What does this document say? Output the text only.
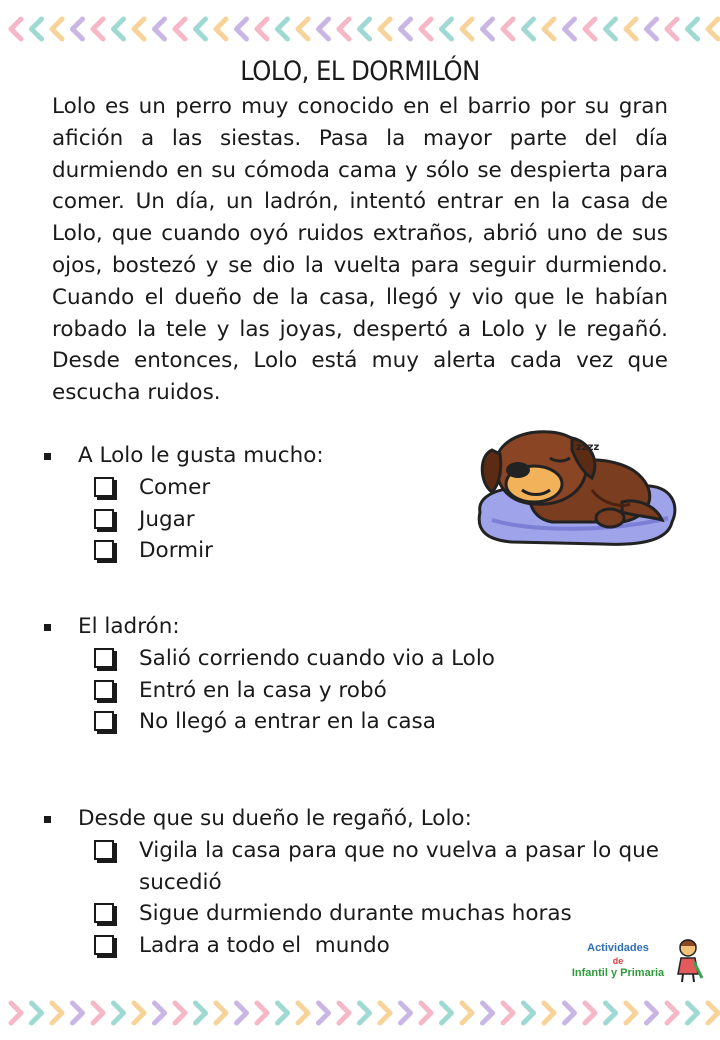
LOLO, EL DORMILÓN

Lolo es un perro muy conocido en el barrio por su gran afición a las siestas. Pasa la mayor parte del día durmiendo en su cómoda cama y sólo se despierta para comer. Un día, un ladrón, intentó entrar en la casa de Lolo, que cuando oyó ruidos extraños, abrió uno de sus ojos, bostezó y se dio la vuelta para seguir durmiendo. Cuando el dueño de la casa, llegó y vio que le habían robado la tele y las joyas, despertó a Lolo y le regañó. Desde entonces, Lolo está muy alerta cada vez que escucha ruidos.

A Lolo le gusta mucho:
Comer
Jugar
Dormir
El ladrón:
Salió corriendo cuando vio a Lolo
Entró en la casa y robó
No llegó a entrar en la casa
Desde que su dueño le regañó, Lolo:
Vigila la casa para que no vuelva a pasar lo que sucedió
Sigue durmiendo durante muchas horas
Ladra a todo el  mundo
zzzz
Actividades
de
Infantil y Primaria
